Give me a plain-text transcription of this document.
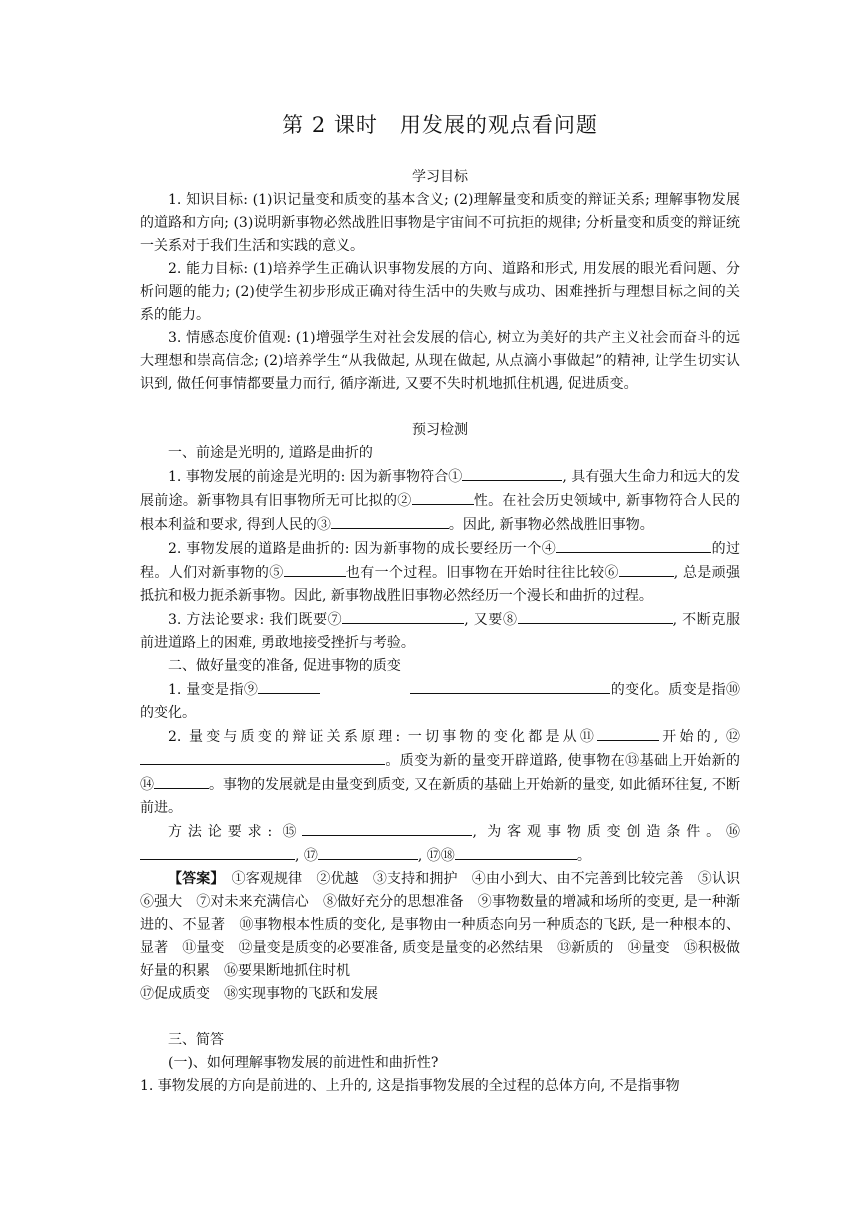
第 2 课时　用发展的观点看问题

学习目标

1. 知识目标: (1)识记量变和质变的基本含义; (2)理解量变和质变的辩证关系; 理解事物发展的道路和方向; (3)说明新事物必然战胜旧事物是宇宙间不可抗拒的规律; 分析量变和质变的辩证统一关系对于我们生活和实践的意义。

2. 能力目标: (1)培养学生正确认识事物发展的方向、道路和形式, 用发展的眼光看问题、分析问题的能力; (2)使学生初步形成正确对待生活中的失败与成功、困难挫折与理想目标之间的关系的能力。

3. 情感态度价值观: (1)增强学生对社会发展的信心, 树立为美好的共产主义社会而奋斗的远大理想和崇高信念; (2)培养学生“从我做起, 从现在做起, 从点滴小事做起”的精神, 让学生切实认识到, 做任何事情都要量力而行, 循序渐进, 又要不失时机地抓住机遇, 促进质变。

预习检测

一、前途是光明的, 道路是曲折的

1. 事物发展的前途是光明的: 因为新事物符合①	, 具有强大生命力和远大的发展前途。新事物具有旧事物所无可比拟的②	性。在社会历史领域中, 新事物符合人民的根本利益和要求, 得到人民的③	。因此, 新事物必然战胜旧事物。

2. 事物发展的道路是曲折的: 因为新事物的成长要经历一个④	的过程。人们对新事物的⑤	也有一个过程。旧事物在开始时往往比较⑥	, 总是顽强抵抗和极力扼杀新事物。因此, 新事物战胜旧事物必然经历一个漫长和曲折的过程。

3. 方法论要求: 我们既要⑦	, 又要⑧	, 不断克服前进道路上的困难, 勇敢地接受挫折与考验。

二、做好量变的准备, 促进事物的质变

1. 量变是指⑨	的变化。质变是指⑩的变化。

2. 量变与质变的辩证关系原理: 一切事物的变化都是从⑪	开始的, ⑫。质变为新的量变开辟道路, 使事物在⑬基础上开始新的⑭	。事物的发展就是由量变到质变, 又在新质的基础上开始新的量变, 如此循环往复, 不断前进。

方法论要求: ⑮	, 为客观事物质变创造条件。⑯, ⑰	, ⑰⑱	。

【答案】　 ①客观规律　②优越　③支持和拥护　④由小到大、由不完善到比较完善　⑤认识　⑥强大　⑦对未来充满信心　⑧做好充分的思想准备　⑨事物数量的增减和场所的变更, 是一种渐进的、不显著　⑩事物根本性质的变化, 是事物由一种质态向另一种质态的飞跃, 是一种根本的、显著　⑪量变　⑫量变是质变的必要准备, 质变是量变的必然结果　⑬新质的　⑭量变　⑮积极做好量的积累　⑯要果断地抓住时机

⑰促成质变　⑱实现事物的飞跃和发展

三、简答

(一)、如何理解事物发展的前进性和曲折性?

1. 事物发展的方向是前进的、上升的, 这是指事物发展的全过程的总体方向, 不是指事物
